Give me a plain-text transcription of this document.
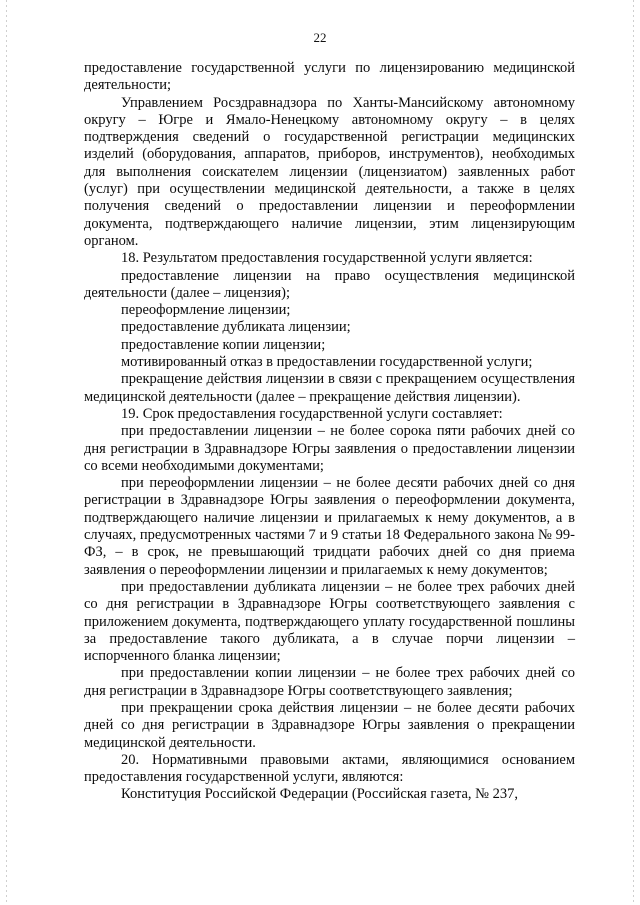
22

предоставление государственной услуги по лицензированию медицинской деятельности;

Управлением Росздравнадзора по Ханты-Мансийскому автономному округу – Югре и Ямало-Ненецкому автономному округу – в целях подтверждения сведений о государственной регистрации медицинских изделий (оборудования, аппаратов, приборов, инструментов), необходимых для выполнения соискателем лицензии (лицензиатом) заявленных работ (услуг) при осуществлении медицинской деятельности, а также в целях получения сведений о предоставлении лицензии и переоформлении документа, подтверждающего наличие лицензии, этим лицензирующим органом.

18. Результатом предоставления государственной услуги является:

предоставление лицензии на право осуществления медицинской деятельности (далее – лицензия);

переоформление лицензии;

предоставление дубликата лицензии;

предоставление копии лицензии;

мотивированный отказ в предоставлении государственной услуги;

прекращение действия лицензии в связи с прекращением осуществления медицинской деятельности (далее – прекращение действия лицензии).

19. Срок предоставления государственной услуги составляет:

при предоставлении лицензии – не более сорока пяти рабочих дней со дня регистрации в Здравнадзоре Югры заявления о предоставлении лицензии со всеми необходимыми документами;

при переоформлении лицензии – не более десяти рабочих дней со дня регистрации в Здравнадзоре Югры заявления о переоформлении документа, подтверждающего наличие лицензии и прилагаемых к нему документов, а в случаях, предусмотренных частями 7 и 9 статьи 18 Федерального закона № 99-ФЗ, – в срок, не превышающий тридцати рабочих дней со дня приема заявления о переоформлении лицензии и прилагаемых к нему документов;

при предоставлении дубликата лицензии – не более трех рабочих дней со дня регистрации в Здравнадзоре Югры соответствующего заявления с приложением документа, подтверждающего уплату государственной пошлины за предоставление такого дубликата, а в случае порчи лицензии – испорченного бланка лицензии;

при предоставлении копии лицензии – не более трех рабочих дней со дня регистрации в Здравнадзоре Югры соответствующего заявления;

при прекращении срока действия лицензии – не более десяти рабочих дней со дня регистрации в Здравнадзоре Югры заявления о прекращении медицинской деятельности.

20. Нормативными правовыми актами, являющимися основанием предоставления государственной услуги, являются:

Конституция Российской Федерации (Российская газета, № 237,
